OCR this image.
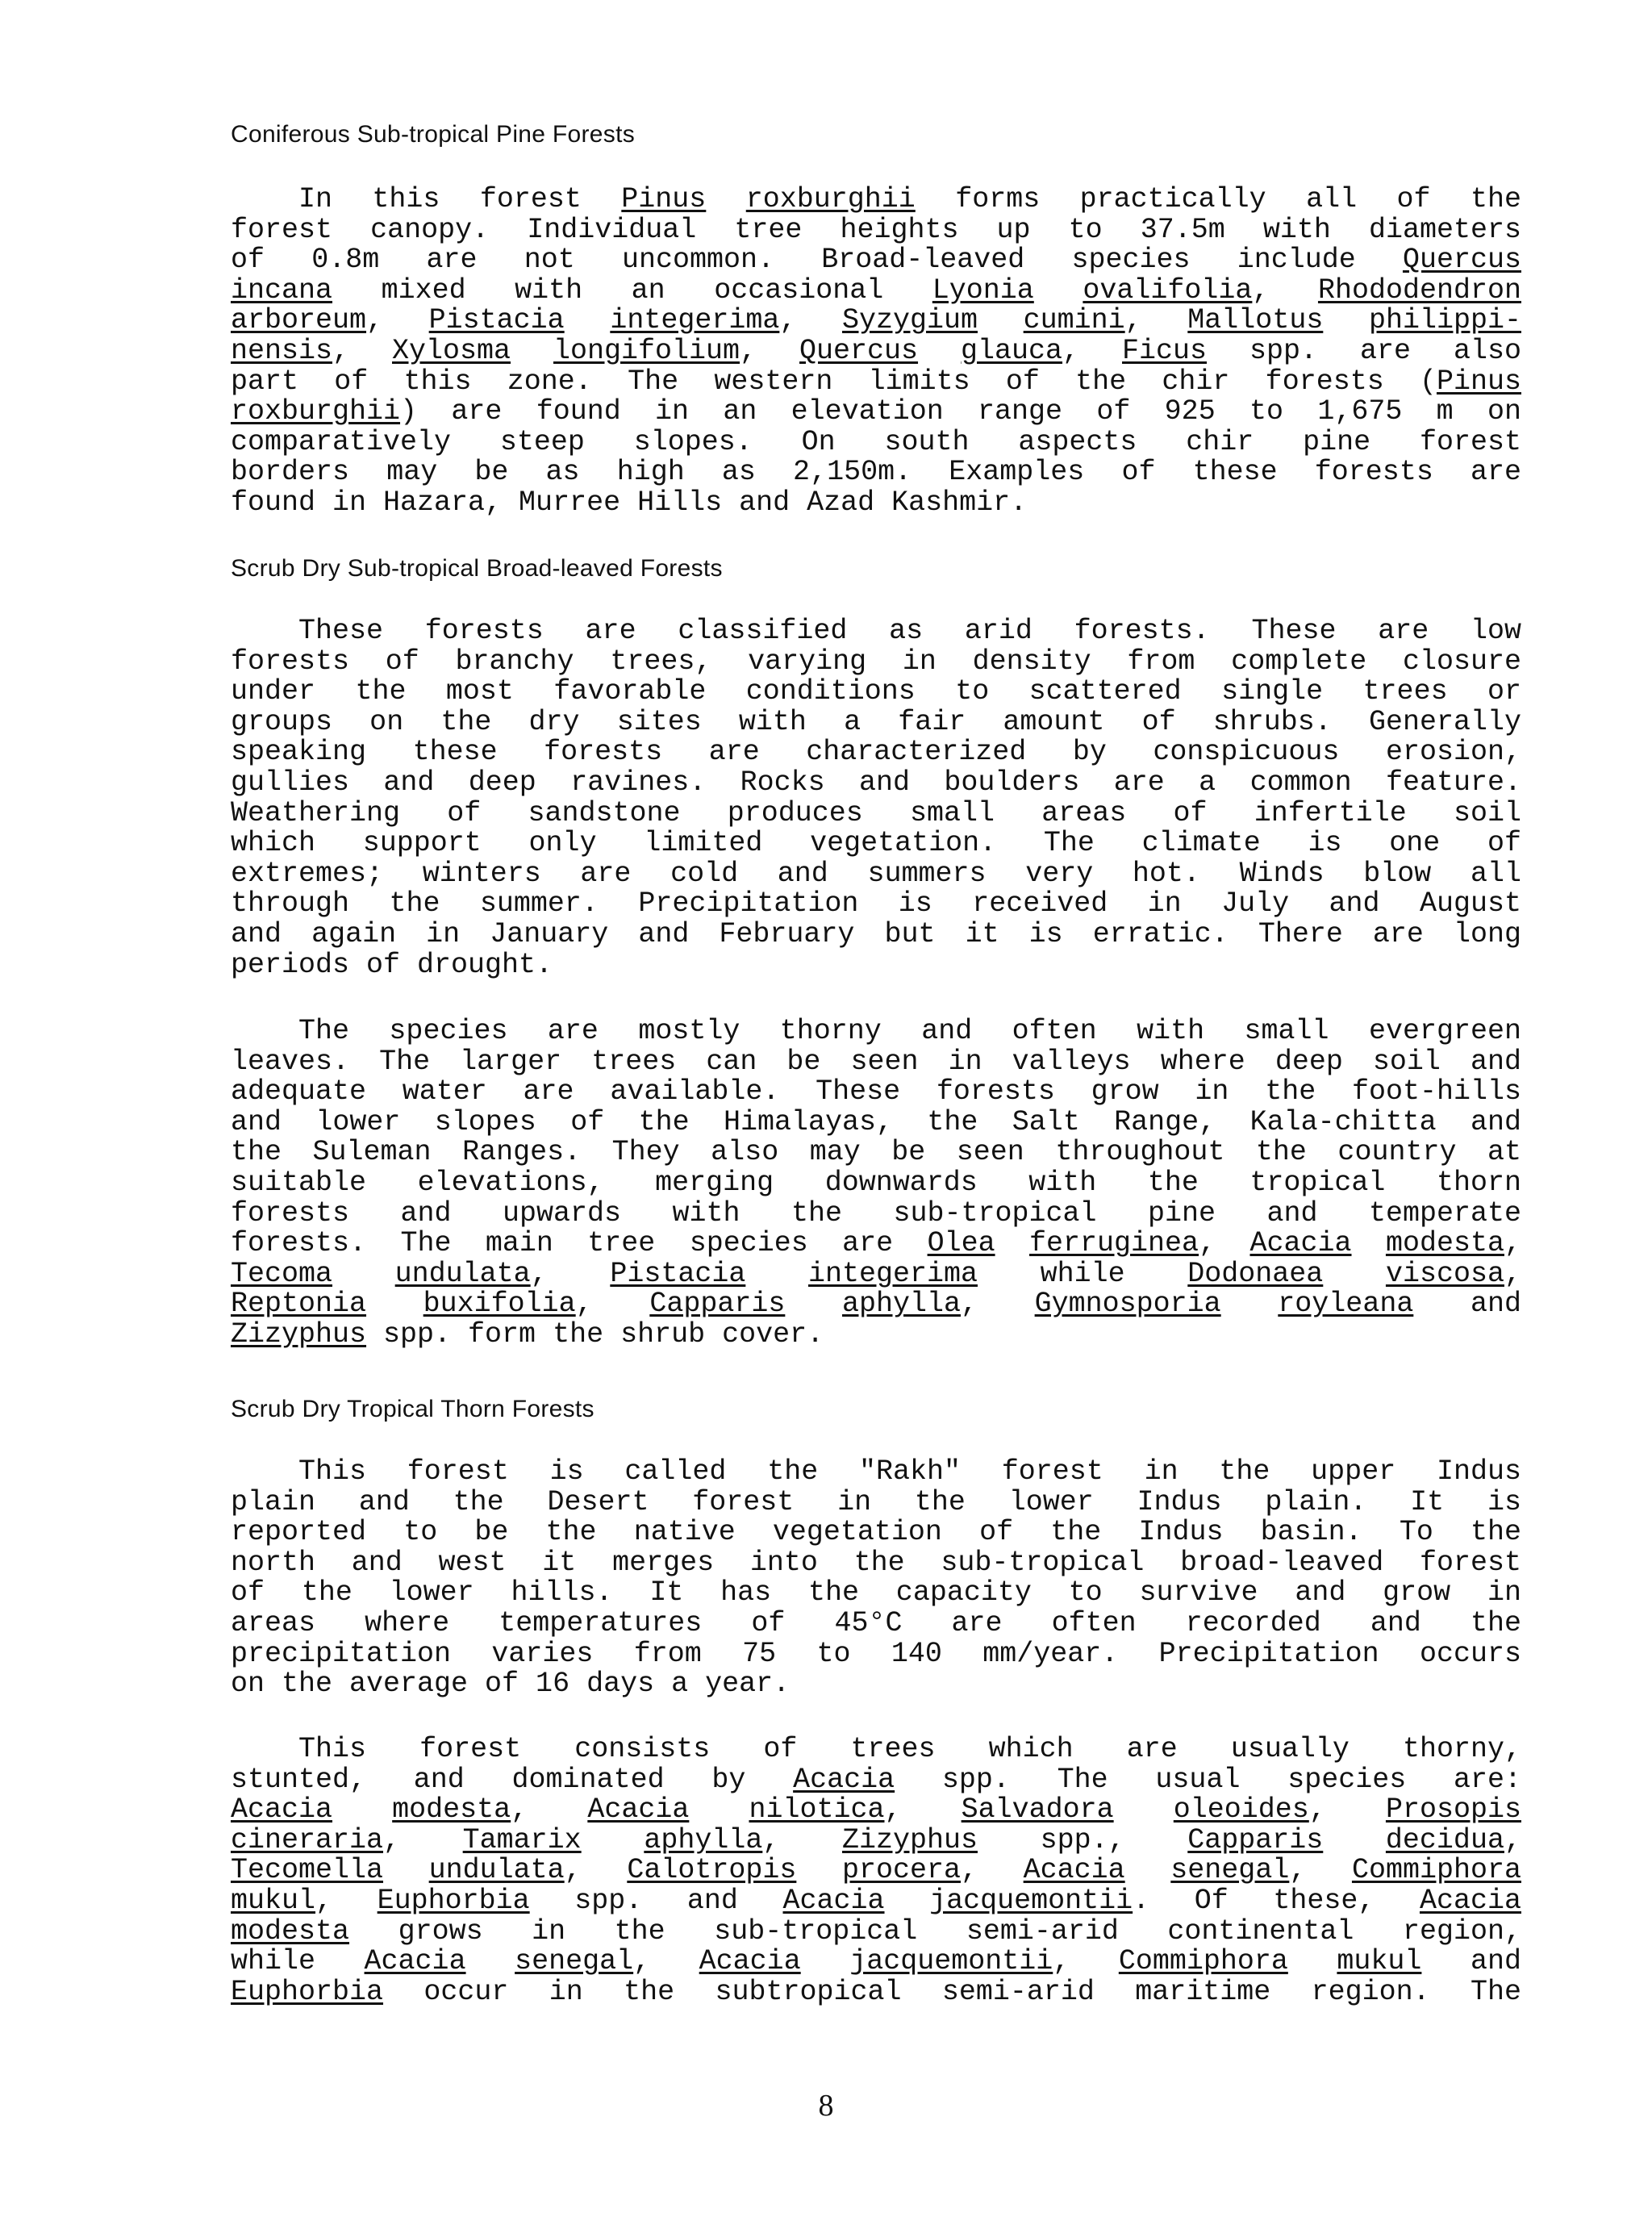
Coniferous Sub-tropical Pine Forests
In this forest Pinus roxburghii forms practically all of the
forest canopy. Individual tree heights up to 37.5m with diameters
of 0.8m are not uncommon. Broad-leaved species include Quercus
incana mixed with an occasional Lyonia ovalifolia, Rhododendron
arboreum, Pistacia integerima, Syzygium cumini, Mallotus philippi-
nensis, Xylosma longifolium, Quercus glauca, Ficus spp. are also
part of this zone. The western limits of the chir forests (Pinus
roxburghii) are found in an elevation range of 925 to 1,675 m on
comparatively steep slopes. On south aspects chir pine forest
borders may be as high as 2,150m. Examples of these forests are
found in Hazara, Murree Hills and Azad Kashmir.
Scrub Dry Sub-tropical Broad-leaved Forests
These forests are classified as arid forests. These are low
forests of branchy trees, varying in density from complete closure
under the most favorable conditions to scattered single trees or
groups on the dry sites with a fair amount of shrubs. Generally
speaking these forests are characterized by conspicuous erosion,
gullies and deep ravines. Rocks and boulders are a common feature.
Weathering of sandstone produces small areas of infertile soil
which support only limited vegetation. The climate is one of
extremes; winters are cold and summers very hot. Winds blow all
through the summer. Precipitation is received in July and August
and again in January and February but it is erratic. There are long
periods of drought.
The species are mostly thorny and often with small evergreen
leaves. The larger trees can be seen in valleys where deep soil and
adequate water are available. These forests grow in the foot-hills
and lower slopes of the Himalayas, the Salt Range, Kala-chitta and
the Suleman Ranges. They also may be seen throughout the country at
suitable elevations, merging downwards with the tropical thorn
forests and upwards with the sub-tropical pine and temperate
forests. The main tree species are Olea ferruginea, Acacia modesta,
Tecoma undulata, Pistacia integerima while Dodonaea viscosa,
Reptonia buxifolia, Capparis aphylla, Gymnosporia royleana and
Zizyphus spp. form the shrub cover.
Scrub Dry Tropical Thorn Forests
This forest is called the "Rakh" forest in the upper Indus
plain and the Desert forest in the lower Indus plain. It is
reported to be the native vegetation of the Indus basin. To the
north and west it merges into the sub-tropical broad-leaved forest
of the lower hills. It has the capacity to survive and grow in
areas where temperatures of 45°C are often recorded and the
precipitation varies from 75 to 140 mm/year. Precipitation occurs
on the average of 16 days a year.
This forest consists of trees which are usually thorny,
stunted, and dominated by Acacia spp. The usual species are:
Acacia modesta, Acacia nilotica, Salvadora oleoides, Prosopis
cineraria, Tamarix aphylla, Zizyphus spp., Capparis decidua,
Tecomella undulata, Calotropis procera, Acacia senegal, Commiphora
mukul, Euphorbia spp. and Acacia jacquemontii. Of these, Acacia
modesta grows in the sub-tropical semi-arid continental region,
while Acacia senegal, Acacia jacquemontii, Commiphora mukul and
Euphorbia occur in the subtropical semi-arid maritime region. The
8
